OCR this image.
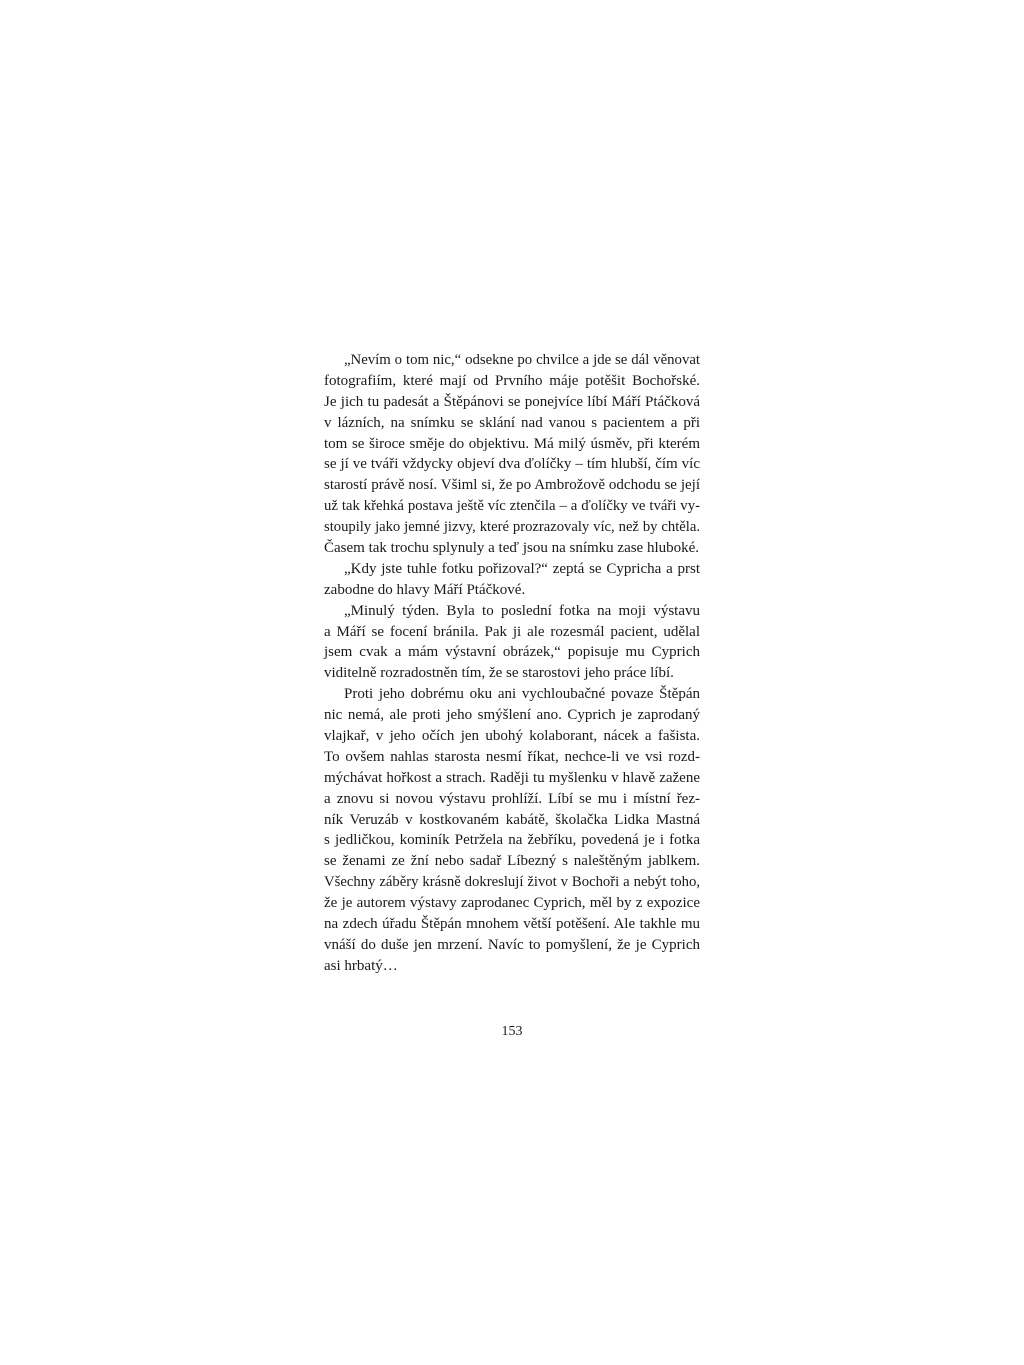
„Nevím o tom nic,“ odsekne po chvilce a jde se dál věnovat
fotografiím, které mají od Prvního máje potěšit Bochořské.
Je jich tu padesát a Štěpánovi se ponejvíce líbí Máří Ptáčková
v lázních, na snímku se sklání nad vanou s pacientem a při
tom se široce směje do objektivu. Má milý úsměv, při kterém
se jí ve tváři vždycky objeví dva ďolíčky – tím hlubší, čím víc
starostí právě nosí. Všiml si, že po Ambrožově odchodu se její
už tak křehká postava ještě víc ztenčila – a ďolíčky ve tváři vy-
stoupily jako jemné jizvy, které prozrazovaly víc, než by chtěla.
Časem tak trochu splynuly a teď jsou na snímku zase hluboké.
„Kdy jste tuhle fotku pořizoval?“ zeptá se Cypricha a prst
zabodne do hlavy Máří Ptáčkové.
„Minulý týden. Byla to poslední fotka na moji výstavu
a Máří se focení bránila. Pak ji ale rozesmál pacient, udělal
jsem cvak a mám výstavní obrázek,“ popisuje mu Cyprich
viditelně rozradostněn tím, že se starostovi jeho práce líbí.
Proti jeho dobrému oku ani vychloubačné povaze Štěpán
nic nemá, ale proti jeho smýšlení ano. Cyprich je zaprodaný
vlajkař, v jeho očích jen ubohý kolaborant, nácek a fašista.
To ovšem nahlas starosta nesmí říkat, nechce-li ve vsi rozd-
mýchávat hořkost a strach. Raději tu myšlenku v hlavě zažene
a znovu si novou výstavu prohlíží. Líbí se mu i místní řez-
ník Veruzáb v kostkovaném kabátě, školačka Lidka Mastná
s jedličkou, kominík Petržela na žebříku, povedená je i fotka
se ženami ze žní nebo sadař Líbezný s naleštěným jablkem.
Všechny záběry krásně dokreslují život v Bochoři a nebýt toho,
že je autorem výstavy zaprodanec Cyprich, měl by z expozice
na zdech úřadu Štěpán mnohem větší potěšení. Ale takhle mu
vnáší do duše jen mrzení. Navíc to pomyšlení, že je Cyprich
asi hrbatý…
153
